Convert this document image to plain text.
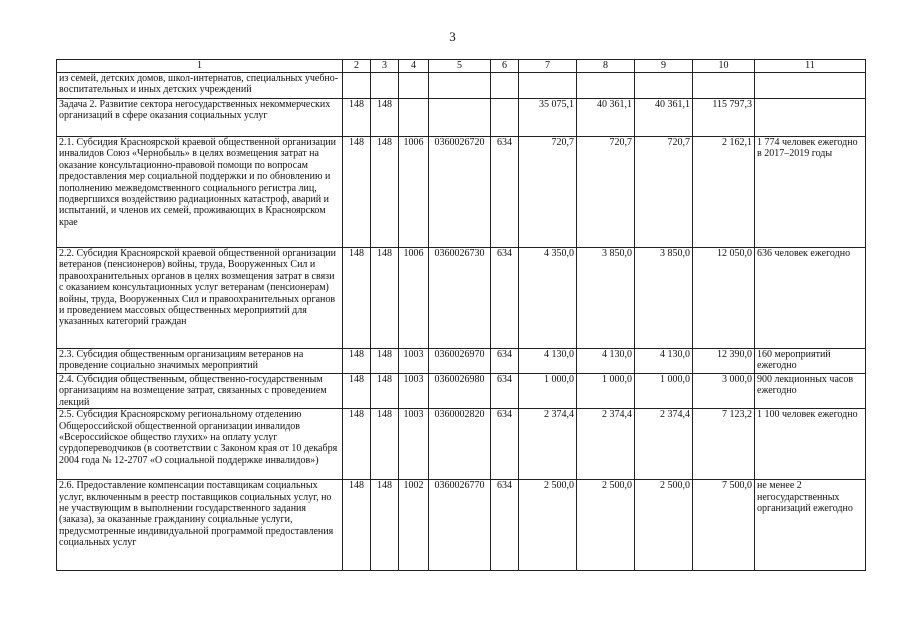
3
1	2	3	4	5	6	7	8	9	10	11
из семей, детских домов, школ-интернатов, специальных учебно-воспитательных и иных детских учреждений										
Задача 2. Развитие сектора негосударственных некоммерческих организаций в сфере оказания социальных услуг	148	148				35 075,1	40 361,1	40 361,1	115 797,3	
2.1. Субсидия Красноярской краевой общественной организации инвалидов Союз «Чернобыль» в целях возмещения затрат на оказание консультационно-правовой помощи по вопросам предоставления мер социальной поддержки и по обновлению и пополнению межведомственного социального регистра лиц, подвергшихся воздействию радиационных катастроф, аварий и испытаний, и членов их семей, проживающих в Красноярском крае	148	148	1006	0360026720	634	720,7	720,7	720,7	2 162,1	1 774 человек ежегодно в 2017–2019 годы
2.2. Субсидия Красноярской краевой общественной организации ветеранов (пенсионеров) войны, труда, Вооруженных Сил и правоохранительных органов в целях возмещения затрат в связи с оказанием консультационных услуг ветеранам (пенсионерам) войны, труда, Вооруженных Сил и правоохранительных органов и проведением массовых общественных мероприятий для указанных категорий граждан	148	148	1006	0360026730	634	4 350,0	3 850,0	3 850,0	12 050,0	636 человек ежегодно
2.3. Субсидия общественным организациям ветеранов на проведение социально значимых мероприятий	148	148	1003	0360026970	634	4 130,0	4 130,0	4 130,0	12 390,0	160 мероприятий ежегодно
2.4. Субсидия общественным, общественно-государственным организациям на возмещение затрат, связанных с проведением лекций	148	148	1003	0360026980	634	1 000,0	1 000,0	1 000,0	3 000,0	900 лекционных часов ежегодно
2.5. Субсидия Красноярскому региональному отделению Общероссийской общественной организации инвалидов «Всероссийское общество глухих» на оплату услуг сурдопереводчиков (в соответствии с Законом края от 10 декабря 2004 года № 12-2707 «О социальной поддержке инвалидов»)	148	148	1003	0360002820	634	2 374,4	2 374,4	2 374,4	7 123,2	1 100 человек ежегодно
2.6. Предоставление компенсации поставщикам социальных услуг, включенным в реестр поставщиков социальных услуг, но не участвующим в выполнении государственного задания (заказа), за оказанные гражданину социальные услуги, предусмотренные индивидуальной программой предоставления социальных услуг	148	148	1002	0360026770	634	2 500,0	2 500,0	2 500,0	7 500,0	не менее 2 негосударственных организаций ежегодно
